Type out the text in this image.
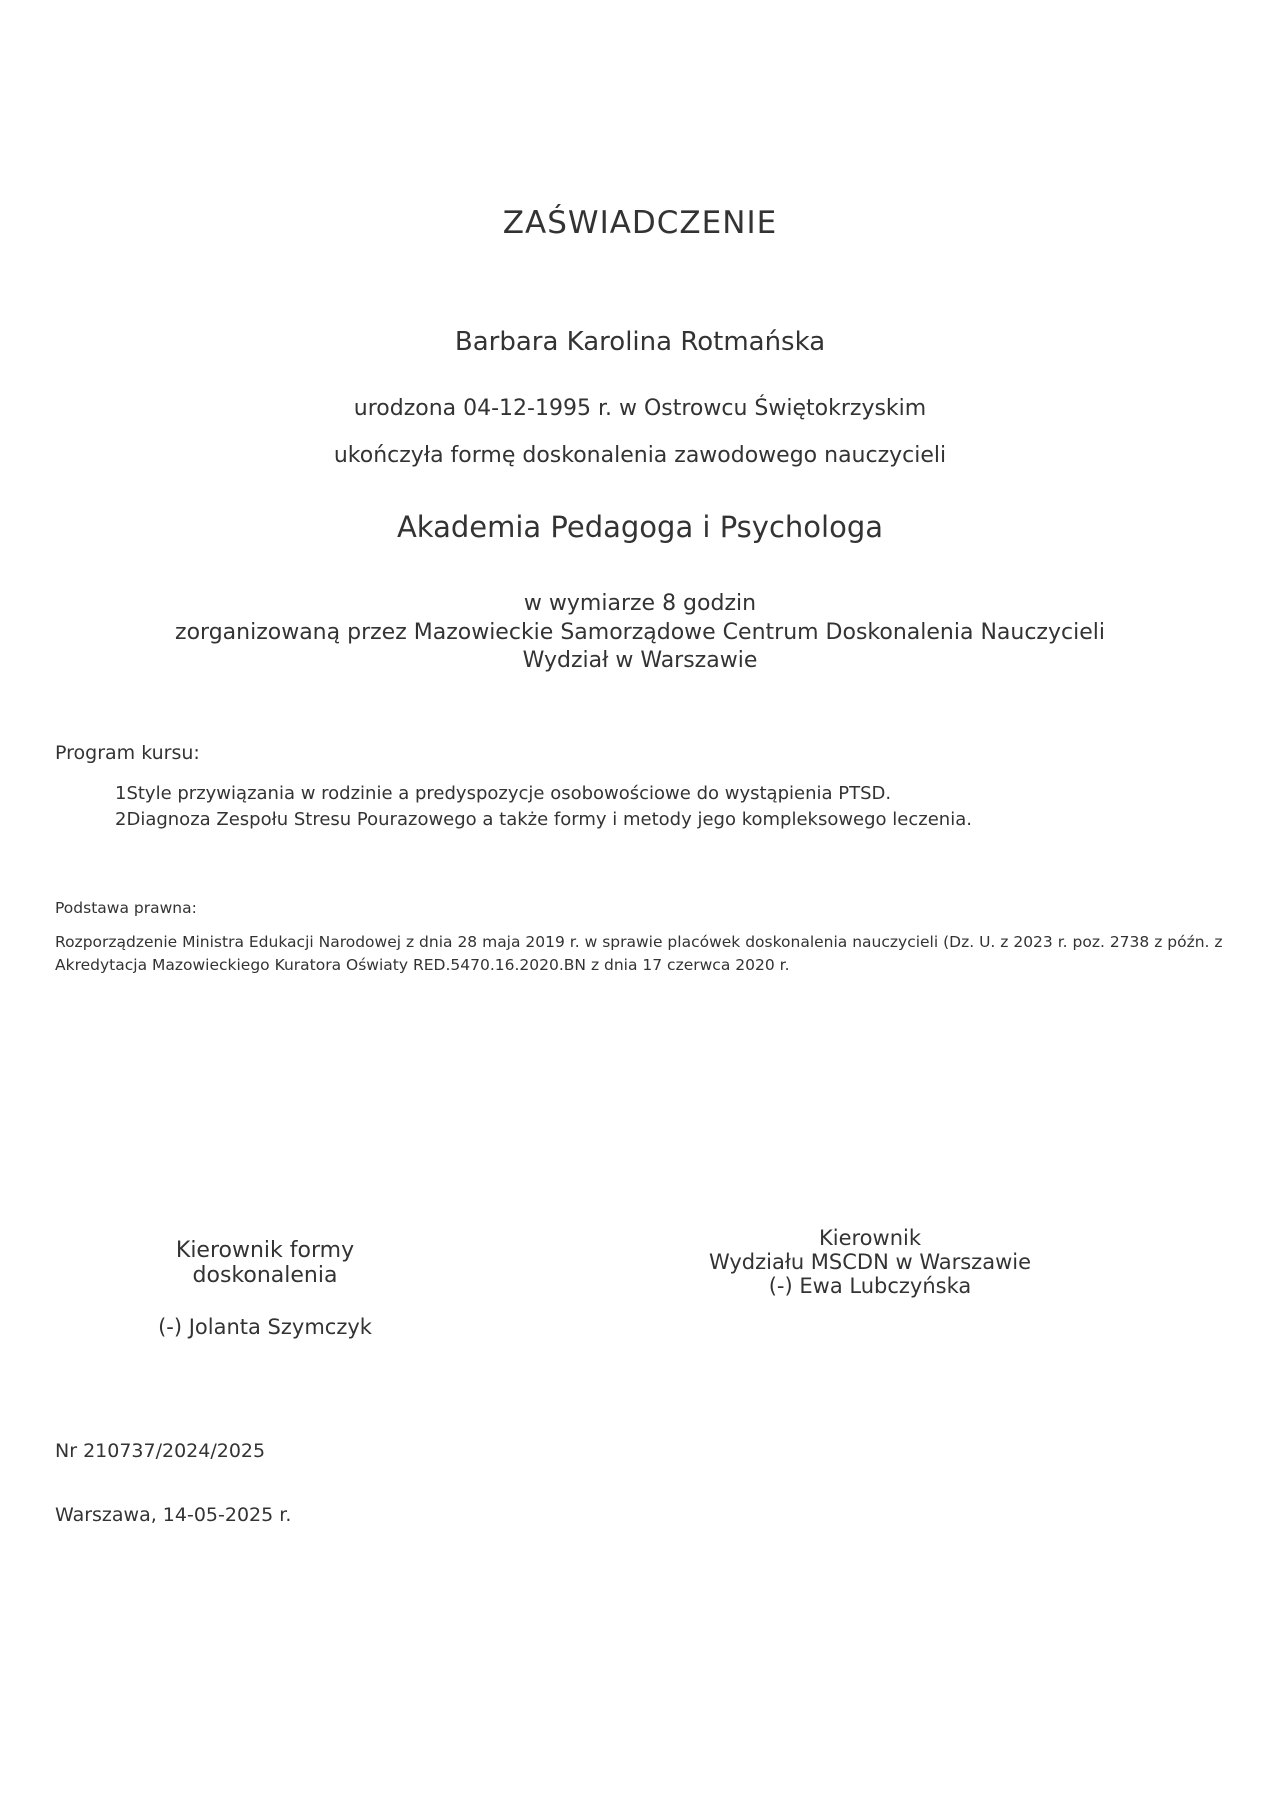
ZAŚWIADCZENIE
Barbara Karolina Rotmańska
urodzona 04-12-1995 r. w Ostrowcu Świętokrzyskim
ukończyła formę doskonalenia zawodowego nauczycieli
Akademia Pedagoga i Psychologa
w wymiarze 8 godzin
zorganizowaną przez Mazowieckie Samorządowe Centrum Doskonalenia Nauczycieli
Wydział w Warszawie
Program kursu:
1Style przywiązania w rodzinie a predyspozycje osobowościowe do wystąpienia PTSD.
2Diagnoza Zespołu Stresu Pourazowego a także formy i metody jego kompleksowego leczenia.
Podstawa prawna:
Rozporządzenie Ministra Edukacji Narodowej z dnia 28 maja 2019 r. w sprawie placówek doskonalenia nauczycieli (Dz. U. z 2023 r. poz. 2738 z późn. z
Akredytacja Mazowieckiego Kuratora Oświaty RED.5470.16.2020.BN z dnia 17 czerwca 2020 r.
Kierownik formy doskonalenia
(-) Jolanta Szymczyk
Kierownik
Wydziału MSCDN w Warszawie
(-) Ewa Lubczyńska
Nr 210737/2024/2025
Warszawa, 14-05-2025 r.
